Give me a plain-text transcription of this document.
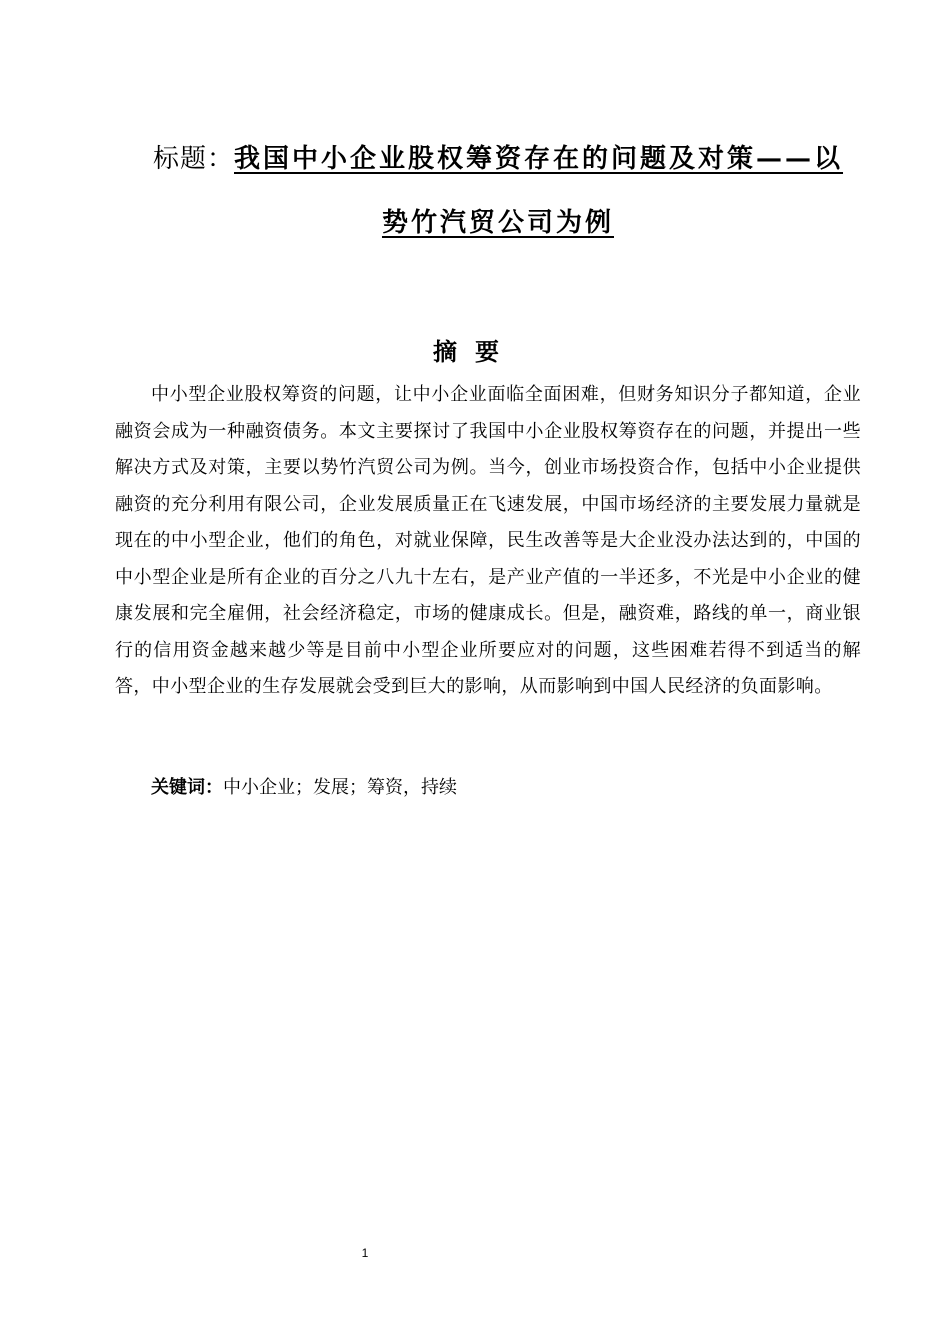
标题：我国中小企业股权筹资存在的问题及对策——以
势竹汽贸公司为例
摘要
中小型企业股权筹资的问题，让中小企业面临全面困难，但财务知识分子都知道，企业融资会成为一种融资债务。本文主要探讨了我国中小企业股权筹资存在的问题，并提出一些解决方式及对策，主要以势竹汽贸公司为例。当今，创业市场投资合作，包括中小企业提供融资的充分利用有限公司，企业发展质量正在飞速发展，中国市场经济的主要发展力量就是现在的中小型企业，他们的角色，对就业保障，民生改善等是大企业没办法达到的，中国的中小型企业是所有企业的百分之八九十左右，是产业产值的一半还多，不光是中小企业的健康发展和完全雇佣，社会经济稳定，市场的健康成长。但是，融资难，路线的单一，商业银行的信用资金越来越少等是目前中小型企业所要应对的问题，这些困难若得不到适当的解答，中小型企业的生存发展就会受到巨大的影响，从而影响到中国人民经济的负面影响。
关键词：中小企业；发展；筹资，持续
1
